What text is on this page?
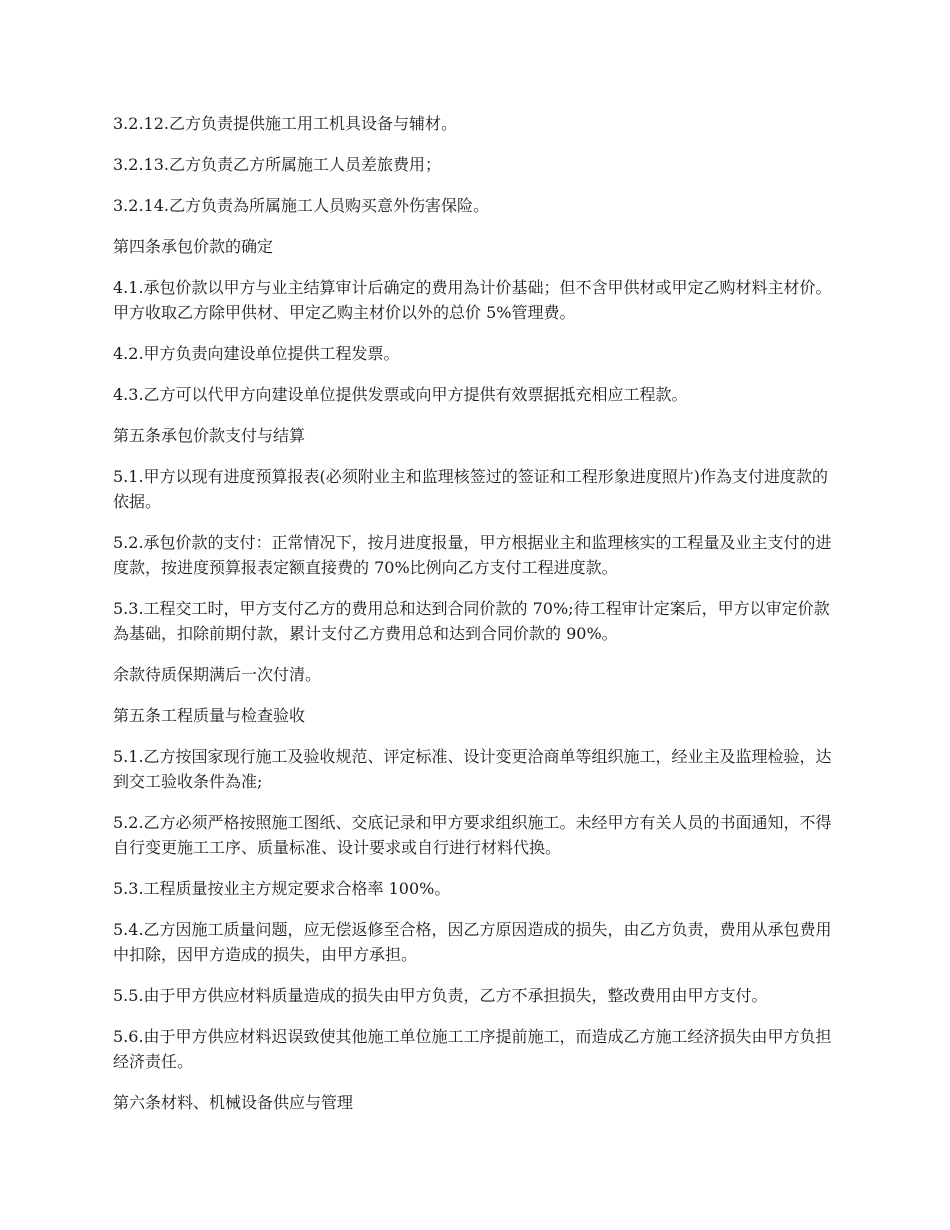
3.2.12.乙方负责提供施工用工机具设备与辅材。

3.2.13.乙方负责乙方所属施工人员差旅费用；

3.2.14.乙方负责為所属施工人员购买意外伤害保险。

第四条承包价款的确定

4.1.承包价款以甲方与业主结算审计后确定的费用為计价基础；但不含甲供材或甲定乙购材料主材价。甲方收取乙方除甲供材、甲定乙购主材价以外的总价 5%管理费。

4.2.甲方负责向建设单位提供工程发票。

4.3.乙方可以代甲方向建设单位提供发票或向甲方提供有效票据抵充相应工程款。

第五条承包价款支付与结算

5.1.甲方以现有进度预算报表(必须附业主和监理核签过的签证和工程形象进度照片)作為支付进度款的依据。

5.2.承包价款的支付：正常情况下，按月进度报量，甲方根据业主和监理核实的工程量及业主支付的进度款，按进度预算报表定额直接费的 70%比例向乙方支付工程进度款。

5.3.工程交工时，甲方支付乙方的费用总和达到合同价款的 70%;待工程审计定案后，甲方以审定价款為基础，扣除前期付款，累计支付乙方费用总和达到合同价款的 90%。

余款待质保期满后一次付清。

第五条工程质量与检查验收

5.1.乙方按国家现行施工及验收规范、评定标准、设计变更洽商单等组织施工，经业主及监理检验，达到交工验收条件為准;

5.2.乙方必须严格按照施工图纸、交底记录和甲方要求组织施工。未经甲方有关人员的书面通知，不得自行变更施工工序、质量标准、设计要求或自行进行材料代换。

5.3.工程质量按业主方规定要求合格率 100%。

5.4.乙方因施工质量问题，应无偿返修至合格，因乙方原因造成的损失，由乙方负责，费用从承包费用中扣除，因甲方造成的损失，由甲方承担。

5.5.由于甲方供应材料质量造成的损失由甲方负责，乙方不承担损失，整改费用由甲方支付。

5.6.由于甲方供应材料迟误致使其他施工单位施工工序提前施工，而造成乙方施工经济损失由甲方负担经济责任。

第六条材料、机械设备供应与管理
